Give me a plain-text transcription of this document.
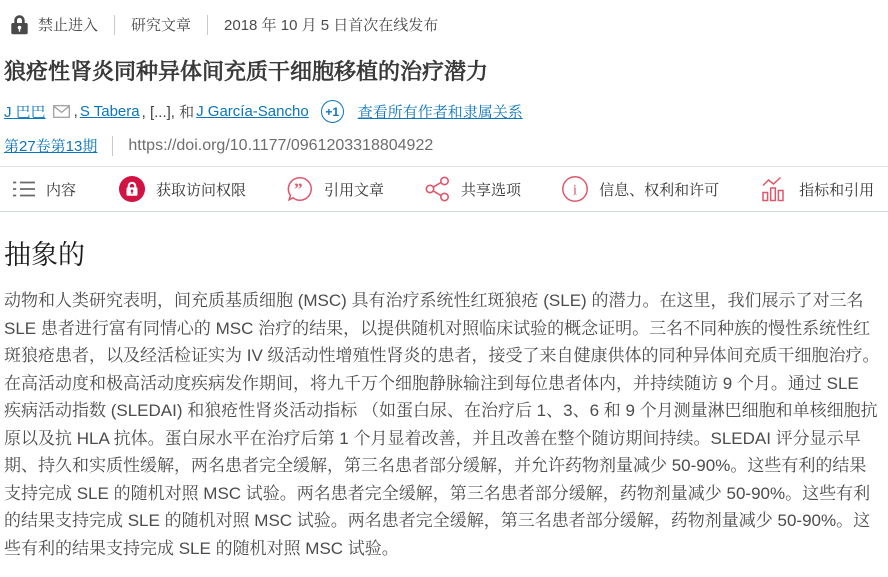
禁止进入 研究文章 2018 年 10 月 5 日首次在线发布
狼疮性肾炎同种异体间充质干细胞移植的治疗潜力
J 巴巴 , S Tabera , [...], 和 J García-Sancho	+1	查看所有作者和隶属关系
第27卷第13期 https://doi.org/10.1177/0961203318804922
内容	获取访问权限	” 引用文章	共享选项	i 信息、权利和许可	指标和引用
抽象的

动物和人类研究表明，间充质基质细胞 (MSC) 具有治疗系统性红斑狼疮 (SLE) 的潜力。在这里，我们展示了对三名 SLE 患者进行富有同情心的 MSC 治疗的结果，以提供随机对照临床试验的概念证明。三名不同种族的慢性系统性红斑狼疮患者，以及经活检证实为 IV 级活动性增殖性肾炎的患者，接受了来自健康供体的同种异体间充质干细胞治疗。在高活动度和极高活动度疾病发作期间，将九千万个细胞静脉输注到每位患者体内，并持续随访 9 个月。通过 SLE 疾病活动指数 (SLEDAI) 和狼疮性肾炎活动指标 （如蛋白尿、在治疗后 1、3、6 和 9 个月测量淋巴细胞和单核细胞抗原以及抗 HLA 抗体。蛋白尿水平在治疗后第 1 个月显着改善，并且改善在整个随访期间持续。SLEDAI 评分显示早期、持久和实质性缓解，两名患者完全缓解，第三名患者部分缓解，并允许药物剂量减少 50-90%。这些有利的结果支持完成 SLE 的随机对照 MSC 试验。两名患者完全缓解，第三名患者部分缓解，药物剂量减少 50-90%。这些有利的结果支持完成 SLE 的随机对照 MSC 试验。两名患者完全缓解，第三名患者部分缓解，药物剂量减少 50-90%。这些有利的结果支持完成 SLE 的随机对照 MSC 试验。
